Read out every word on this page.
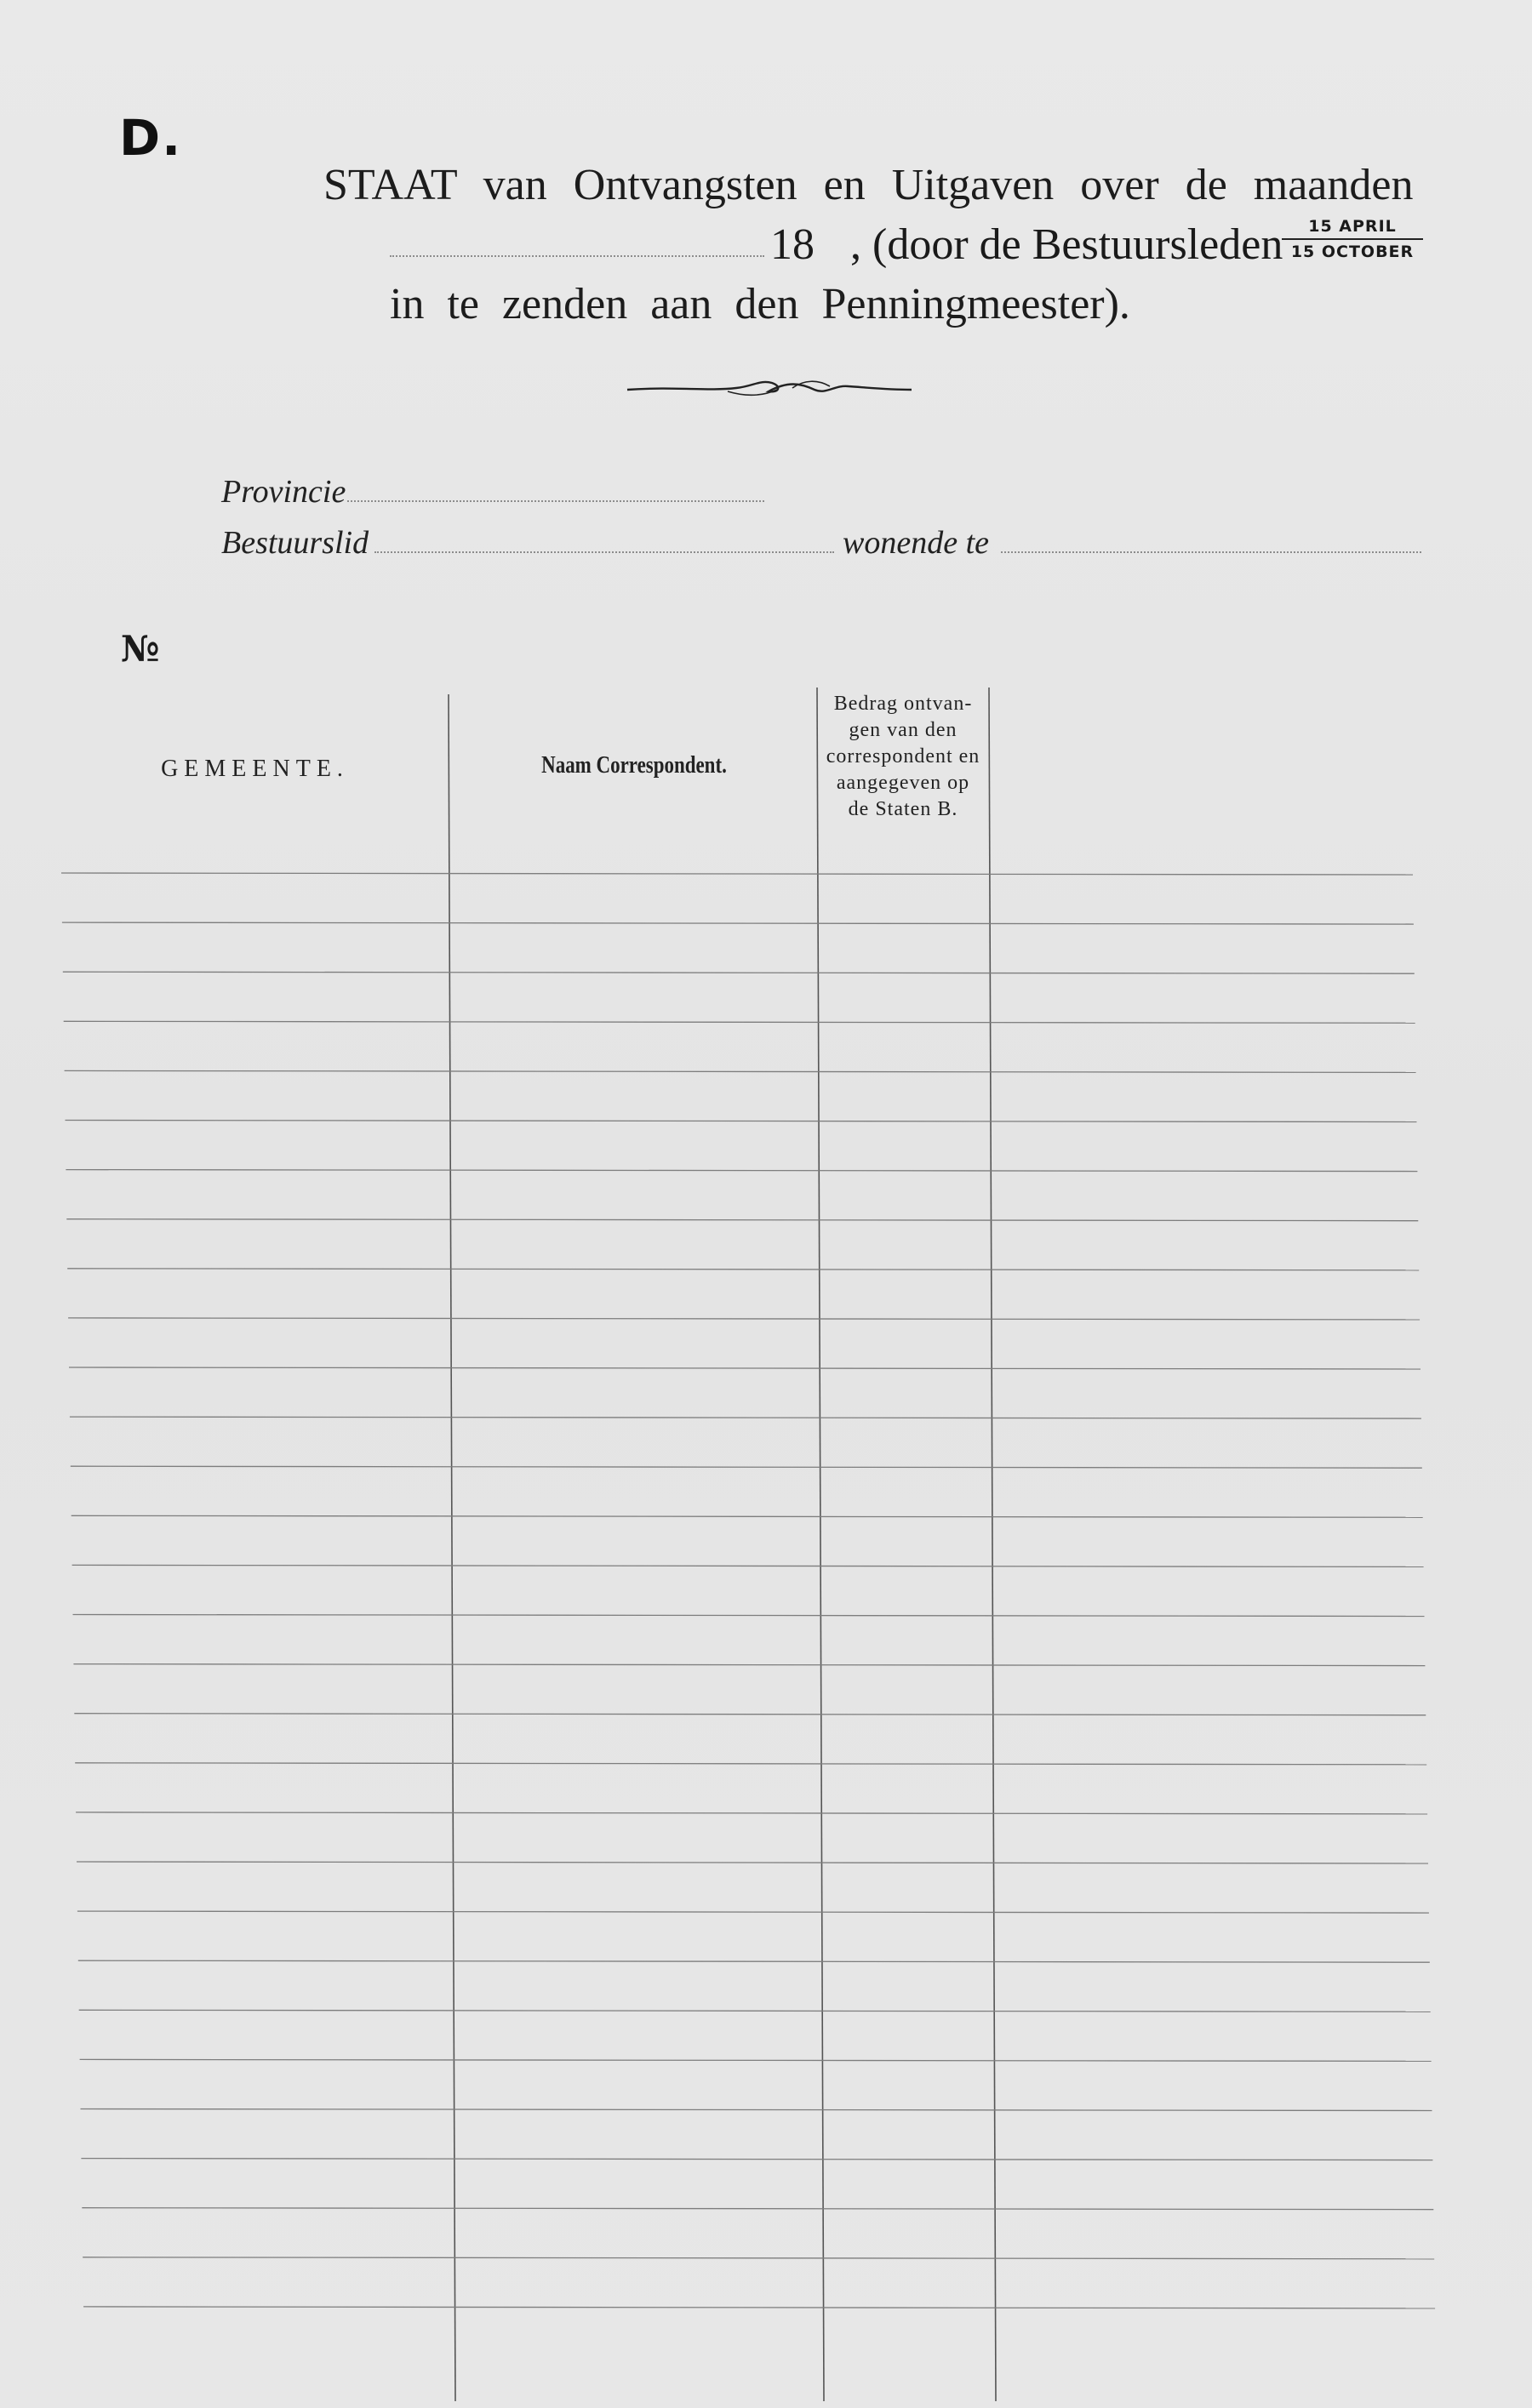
D.
STAAT van Ontvangsten en Uitgaven over de maanden
18 , (door de Bestuursleden	15 APRIL
15 OCTOBER
in te zenden aan den Penningmeester).
Provincie
Bestuurslid	wonende te
№
GEMEENTE.	Naam Correspondent.
Bedrag ontvan-
gen van den
correspondent en
aangegeven op
de Staten B.
